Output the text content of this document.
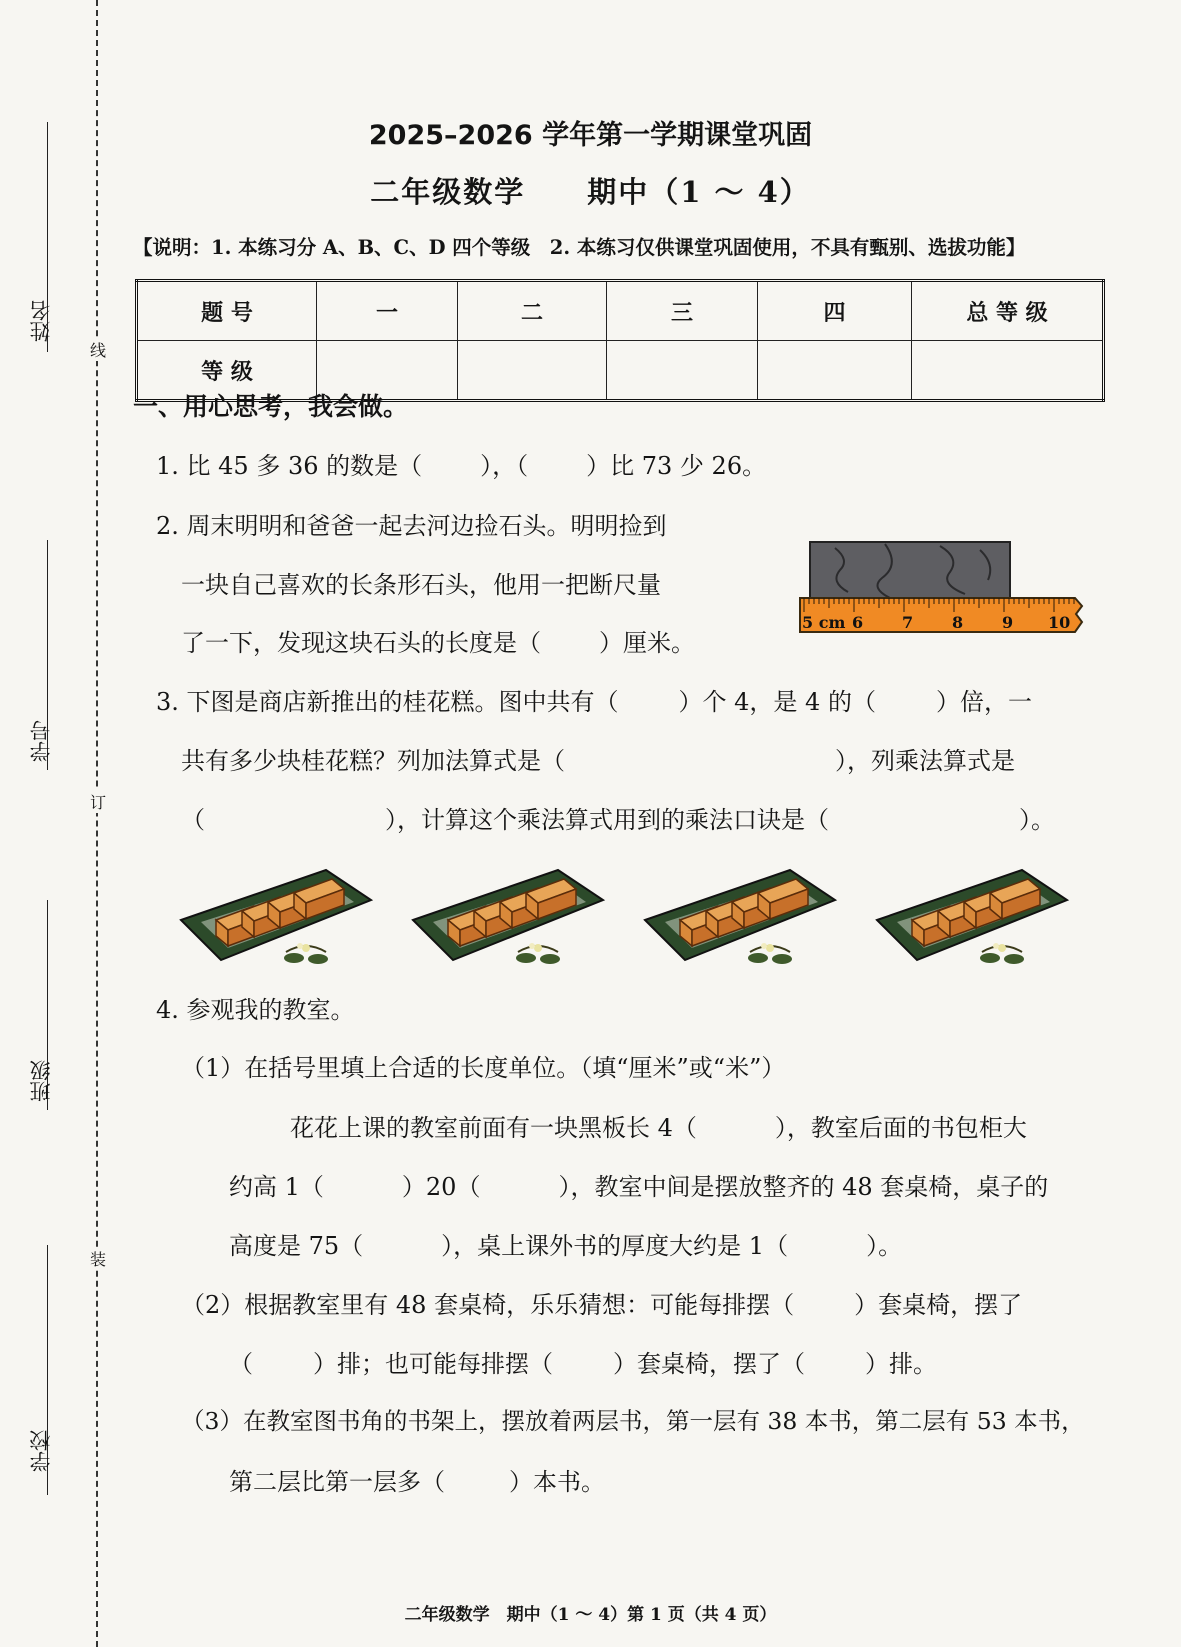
线
订
装
姓名
学号
班级
学校
2025–2026 学年第一学期课堂巩固
二年级数学　　期中（1 ～ 4）
【说明：1. 本练习分 A、B、C、D 四个等级　2. 本练习仅供课堂巩固使用，不具有甄别、选拔功能】
题 号	一	二	三	四	总 等 级
等 级					
一、用心思考，我会做。
1. 比 45 多 36 的数是（ ），（ ）比 73 少 26。
2. 周末明明和爸爸一起去河边捡石头。明明捡到
一块自己喜欢的长条形石头，他用一把断尺量
了一下，发现这块石头的长度是（ ）厘米。
5 cm 6 7 8 9 10
3. 下图是商店新推出的桂花糕。图中共有（	）个 4，是 4 的（	）倍，一
共有多少块桂花糕？列加法算式是（	），列乘法算式是
（	），计算这个乘法算式用到的乘法口诀是（	）。
4. 参观我的教室。
（1）在括号里填上合适的长度单位。（填“厘米”或“米”）
花花上课的教室前面有一块黑板长 4（	），教室后面的书包柜大
约高 1（	）20（	），教室中间是摆放整齐的 48 套桌椅，桌子的
高度是 75（	），桌上课外书的厚度大约是 1（	）。
（2）根据教室里有 48 套桌椅，乐乐猜想：可能每排摆（	）套桌椅，摆了
（	）排；也可能每排摆（	）套桌椅，摆了（	）排。
（3）在教室图书角的书架上，摆放着两层书，第一层有 38 本书，第二层有 53 本书，
第二层比第一层多（	）本书。
二年级数学　期中（1 ～ 4）第 1 页（共 4 页）
